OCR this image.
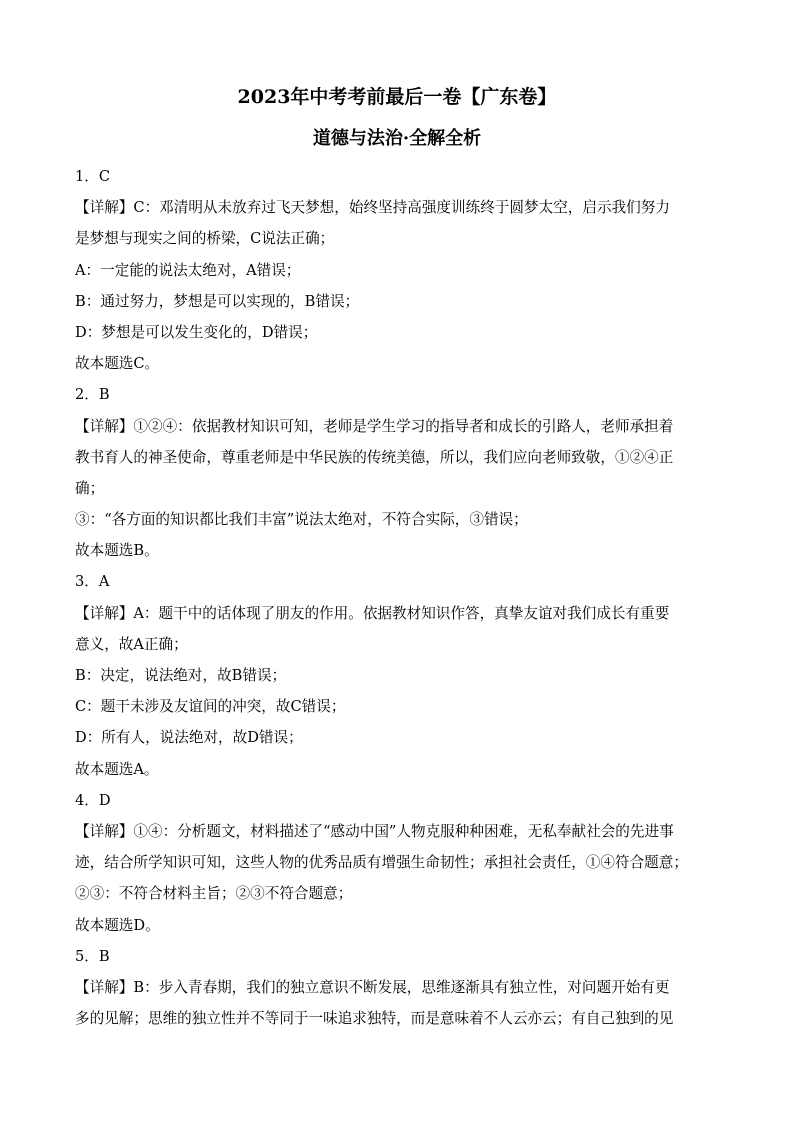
2023年中考考前最后一卷【广东卷】
道德与法治·全解全析
1．C
【详解】C：邓清明从未放弃过飞天梦想，始终坚持高强度训练终于圆梦太空，启示我们努力
是梦想与现实之间的桥梁，C说法正确；
A：一定能的说法太绝对，A错误；
B：通过努力，梦想是可以实现的，B错误；
D：梦想是可以发生变化的，D错误；
故本题选C。
2．B
【详解】①②④：依据教材知识可知，老师是学生学习的指导者和成长的引路人，老师承担着
教书育人的神圣使命，尊重老师是中华民族的传统美德，所以，我们应向老师致敬，①②④正
确；
③：“各方面的知识都比我们丰富”说法太绝对，不符合实际，③错误；
故本题选B。
3．A
【详解】A：题干中的话体现了朋友的作用。依据教材知识作答，真挚友谊对我们成长有重要
意义，故A正确；
B：决定，说法绝对，故B错误；
C：题干未涉及友谊间的冲突，故C错误；
D：所有人，说法绝对，故D错误；
故本题选A。
4．D
【详解】①④：分析题文，材料描述了“感动中国”人物克服种种困难，无私奉献社会的先进事
迹，结合所学知识可知，这些人物的优秀品质有增强生命韧性；承担社会责任，①④符合题意；
②③：不符合材料主旨；②③不符合题意；
故本题选D。
5．B
【详解】B：步入青春期，我们的独立意识不断发展，思维逐渐具有独立性，对问题开始有更
多的见解；思维的独立性并不等同于一味追求独特，而是意味着不人云亦云；有自己独到的见
